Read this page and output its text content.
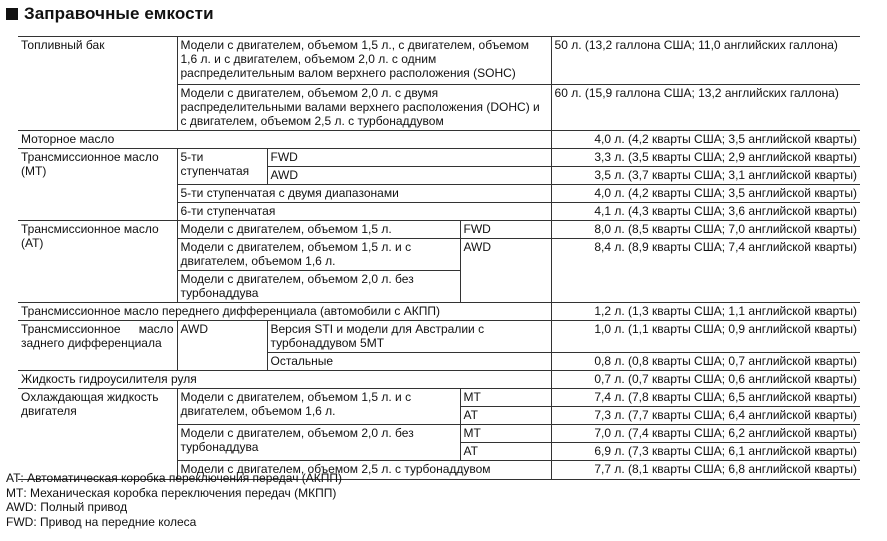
Заправочные емкости
Топливный бак	Модели с двигателем, объемом 1,5 л., с двигателем, объемом 1,6 л. и с двигателем, объемом 2,0 л. с одним распределительным валом верхнего расположения (SOHC)			50 л. (13,2 галлона США; 11,0 английских галлона)
	Модели с двигателем, объемом 2,0 л. с двумя распределительными валами верхнего расположения (DOHC) и с двигателем, объемом 2,5 л. с турбонаддувом			60 л. (15,9 галлона США; 13,2 английских галлона)
Моторное масло				4,0 л. (4,2 кварты США; 3,5 английской кварты)
Трансмиссионное масло (МТ)	5-ти ступенчатая	FWD		3,3 л. (3,5 кварты США; 2,9 английской кварты)
		AWD		3,5 л. (3,7 кварты США; 3,1 английской кварты)
	5-ти ступенчатая с двумя диапазонами			4,0 л. (4,2 кварты США; 3,5 английской кварты)
	6-ти ступенчатая			4,1 л. (4,3 кварты США; 3,6 английской кварты)
Трансмиссионное масло (АТ)	Модели с двигателем, объемом 1,5 л.		FWD	8,0 л. (8,5 кварты США; 7,0 английской кварты)
	Модели с двигателем, объемом 1,5 л. и с двигателем, объемом 1,6 л.		AWD	8,4 л. (8,9 кварты США; 7,4 английской кварты)
	Модели с двигателем, объемом 2,0 л. без турбонаддува			
Трансмиссионное масло переднего дифференциала (автомобили с АКПП)				1,2 л. (1,3 кварты США; 1,1 английской кварты)
Трансмиссионное масло заднего дифференциала	AWD	Версия STI и модели для Австралии с турбонаддувом 5МТ		1,0 л. (1,1 кварты США; 0,9 английской кварты)
		Остальные		0,8 л. (0,8 кварты США; 0,7 английской кварты)
Жидкость гидроусилителя руля				0,7 л. (0,7 кварты США; 0,6 английской кварты)
Охлаждающая жидкость двигателя	Модели с двигателем, объемом 1,5 л. и с двигателем, объемом 1,6 л.		МТ	7,4 л. (7,8 кварты США; 6,5 английской кварты)
			АТ	7,3 л. (7,7 кварты США; 6,4 английской кварты)
	Модели с двигателем, объемом 2,0 л. без турбонаддува		МТ	7,0 л. (7,4 кварты США; 6,2 английской кварты)
			АТ	6,9 л. (7,3 кварты США; 6,1 английской кварты)
	Модели с двигателем, объемом 2,5 л. с турбонаддувом			7,7 л. (8,1 кварты США; 6,8 английской кварты)
АТ: Автоматическая коробка переключения передач (АКПП)
МТ: Механическая коробка переключения передач (МКПП)
AWD: Полный привод
FWD: Привод на передние колеса
